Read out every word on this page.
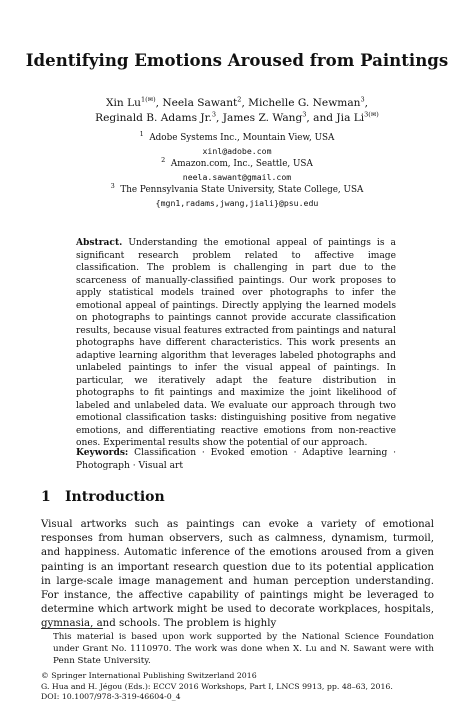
Identifying Emotions Aroused from Paintings
Xin $Lu^{1(✉)}$, Neela Sawant$^2$, Michelle G. Newman$^3$,
Reginald B. Adams Jr.$^3$, James Z. Wang$^3$, and Jia $Li^{3(✉)}$
$^1$ Adobe Systems Inc., Mountain View, USA
xinl@adobe.com
$^2$ Amazon.com, Inc., Seattle, USA
neela.sawant@gmail.com
$^3$ The Pennsylvania State University, State College, USA
{mgn1,radams,jwang,jiali}@psu.edu
Abstract. Understanding the emotional appeal of paintings is a significant research problem related to affective image classification. The problem is challenging in part due to the scarceness of manually-classified paintings. Our work proposes to apply statistical models trained over photographs to infer the emotional appeal of paintings. Directly applying the learned models on photographs to paintings cannot provide accurate classification results, because visual features extracted from paintings and natural photographs have different characteristics. This work presents an adaptive learning algorithm that leverages labeled photographs and unlabeled paintings to infer the visual appeal of paintings. In particular, we iteratively adapt the feature distribution in photographs to fit paintings and maximize the joint likelihood of labeled and unlabeled data. We evaluate our approach through two emotional classification tasks: distinguishing positive from negative emotions, and differentiating reactive emotions from non-reactive ones. Experimental results show the potential of our approach.
Keywords: Classification · Evoked emotion · Adaptive learning · Photograph · Visual art
1 Introduction
Visual artworks such as paintings can evoke a variety of emotional responses from human observers, such as calmness, dynamism, turmoil, and happiness. Automatic inference of the emotions aroused from a given painting is an important research question due to its potential application in large-scale image management and human perception understanding. For instance, the affective capability of paintings might be leveraged to determine which artwork might be used to decorate workplaces, hospitals, gymnasia, and schools. The problem is highly
This material is based upon work supported by the National Science Foundation under Grant No. 1110970. The work was done when X. Lu and N. Sawant were with Penn State University.
© Springer International Publishing Switzerland 2016
G. Hua and H. Jégou (Eds.): ECCV 2016 Workshops, Part I, LNCS 9913, pp. 48–63, 2016.
DOI: 10.1007/978-3-319-46604-0_4
